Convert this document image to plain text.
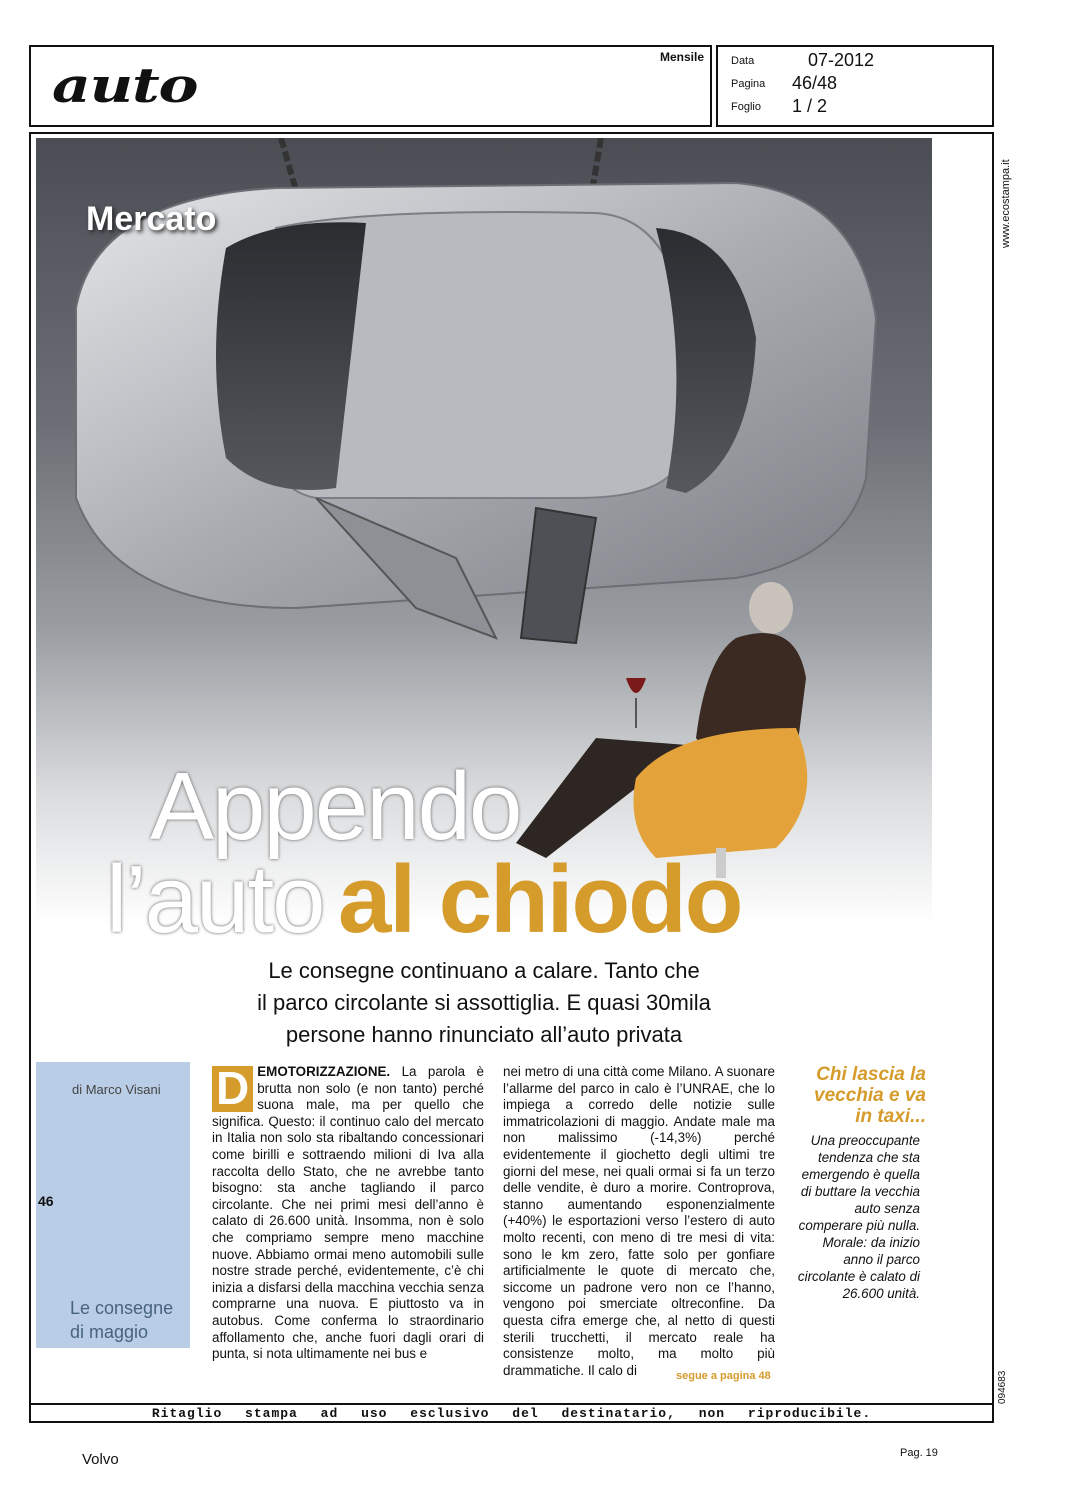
auto
Mensile Data	07-2012
Pagina 46/48
Foglio 1 / 2
www.ecostampa.it
094683
Mercato
Appendo
l’auto al chiodo
Le consegne continuano a calare. Tanto che
il parco circolante si assottiglia. E quasi 30mila
persone hanno rinunciato all’auto privata
di Marco Visani
46
Le consegne
di maggio
D EMOTORIZZAZIONE. La parola è brutta non solo (e non tanto) perché suona male, ma per quello che significa. Questo: il continuo calo del mercato in Italia non solo sta ribaltando concessionari come birilli e sottraendo milioni di Iva alla raccolta dello Stato, che ne avrebbe tanto bisogno: sta anche tagliando il parco circolante. Che nei primi mesi dell’anno è calato di 26.600 unità. Insomma, non è solo che compriamo sempre meno macchine nuove. Abbiamo ormai meno automobili sulle nostre strade perché, evidentemente, c’è chi inizia a disfarsi della macchina vecchia senza comprarne una nuova. E piuttosto va in autobus. Come conferma lo straordinario affollamento che, anche fuori dagli orari di punta, si nota ultimamente nei bus e
nei metro di una città come Milano. A suonare l’allarme del parco in calo è l’UNRAE, che lo impiega a corredo delle notizie sulle immatricolazioni di maggio. Andate male ma non malissimo (-14,3%) perché evidentemente il giochetto degli ultimi tre giorni del mese, nei quali ormai si fa un terzo delle vendite, è duro a morire. Controprova, stanno aumentando esponenzialmente (+40%) le esportazioni verso l’estero di auto molto recenti, con meno di tre mesi di vita: sono le km zero, fatte solo per gonfiare artificialmente le quote di mercato che, siccome un padrone vero non ce l’hanno, vengono poi smerciate oltreconfine. Da questa cifra emerge che, al netto di questi sterili trucchetti, il mercato reale ha consistenze molto, ma molto più drammatiche. Il calo di
Chi lascia la vecchia e va in taxi...
Una preoccupante tendenza che sta emergendo è quella di buttare la vecchia auto senza comperare più nulla. Morale: da inizio anno il parco circolante è calato di 26.600 unità.
segue a pagina 48
Ritaglio stampa ad uso esclusivo del destinatario, non riproducibile.
Volvo	Pag. 19
